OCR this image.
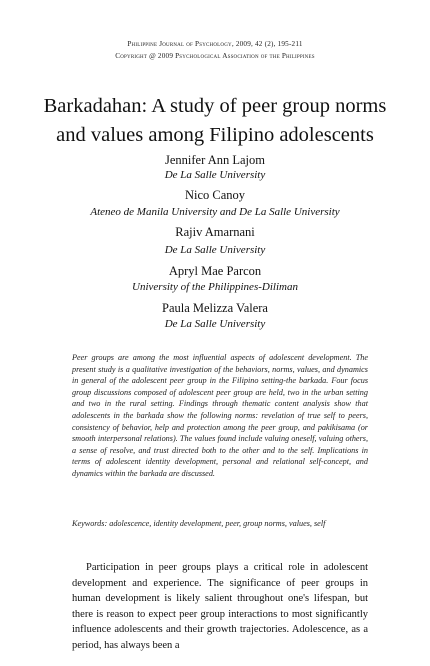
Philippine Journal of Psychology, 2009, 42 (2), 195-211
Copyright @ 2009 Psychological Association of the Philippines
Barkadahan: A study of peer group norms
and values among Filipino adolescents
Jennifer Ann Lajom
De La Salle University
Nico Canoy
Ateneo de Manila University and De La Salle University
Rajiv Amarnani
De La Salle University
Apryl Mae Parcon
University of the Philippines-Diliman
Paula Melizza Valera
De La Salle University
Peer groups are among the most influential aspects of adolescent development. The present study is a qualitative investigation of the behaviors, norms, values, and dynamics in general of the adolescent peer group in the Filipino setting-the barkada. Four focus group discussions composed of adolescent peer group are held, two in the urban setting and two in the rural setting. Findings through thematic content analysis show that adolescents in the barkada show the following norms: revelation of true self to peers, consistency of behavior, help and protection among the peer group, and pakikisama (or smooth interpersonal relations). The values found include valuing oneself, valuing others, a sense of resolve, and trust directed both to the other and to the self. Implications in terms of adolescent identity development, personal and relational self-concept, and dynamics within the barkada are discussed.
Keywords: adolescence, identity development, peer, group norms, values, self
Participation in peer groups plays a critical role in adolescent development and experience. The significance of peer groups in human development is likely salient throughout one's lifespan, but there is reason to expect peer group interactions to most significantly influence adolescents and their growth trajectories. Adolescence, as a period, has always been a
